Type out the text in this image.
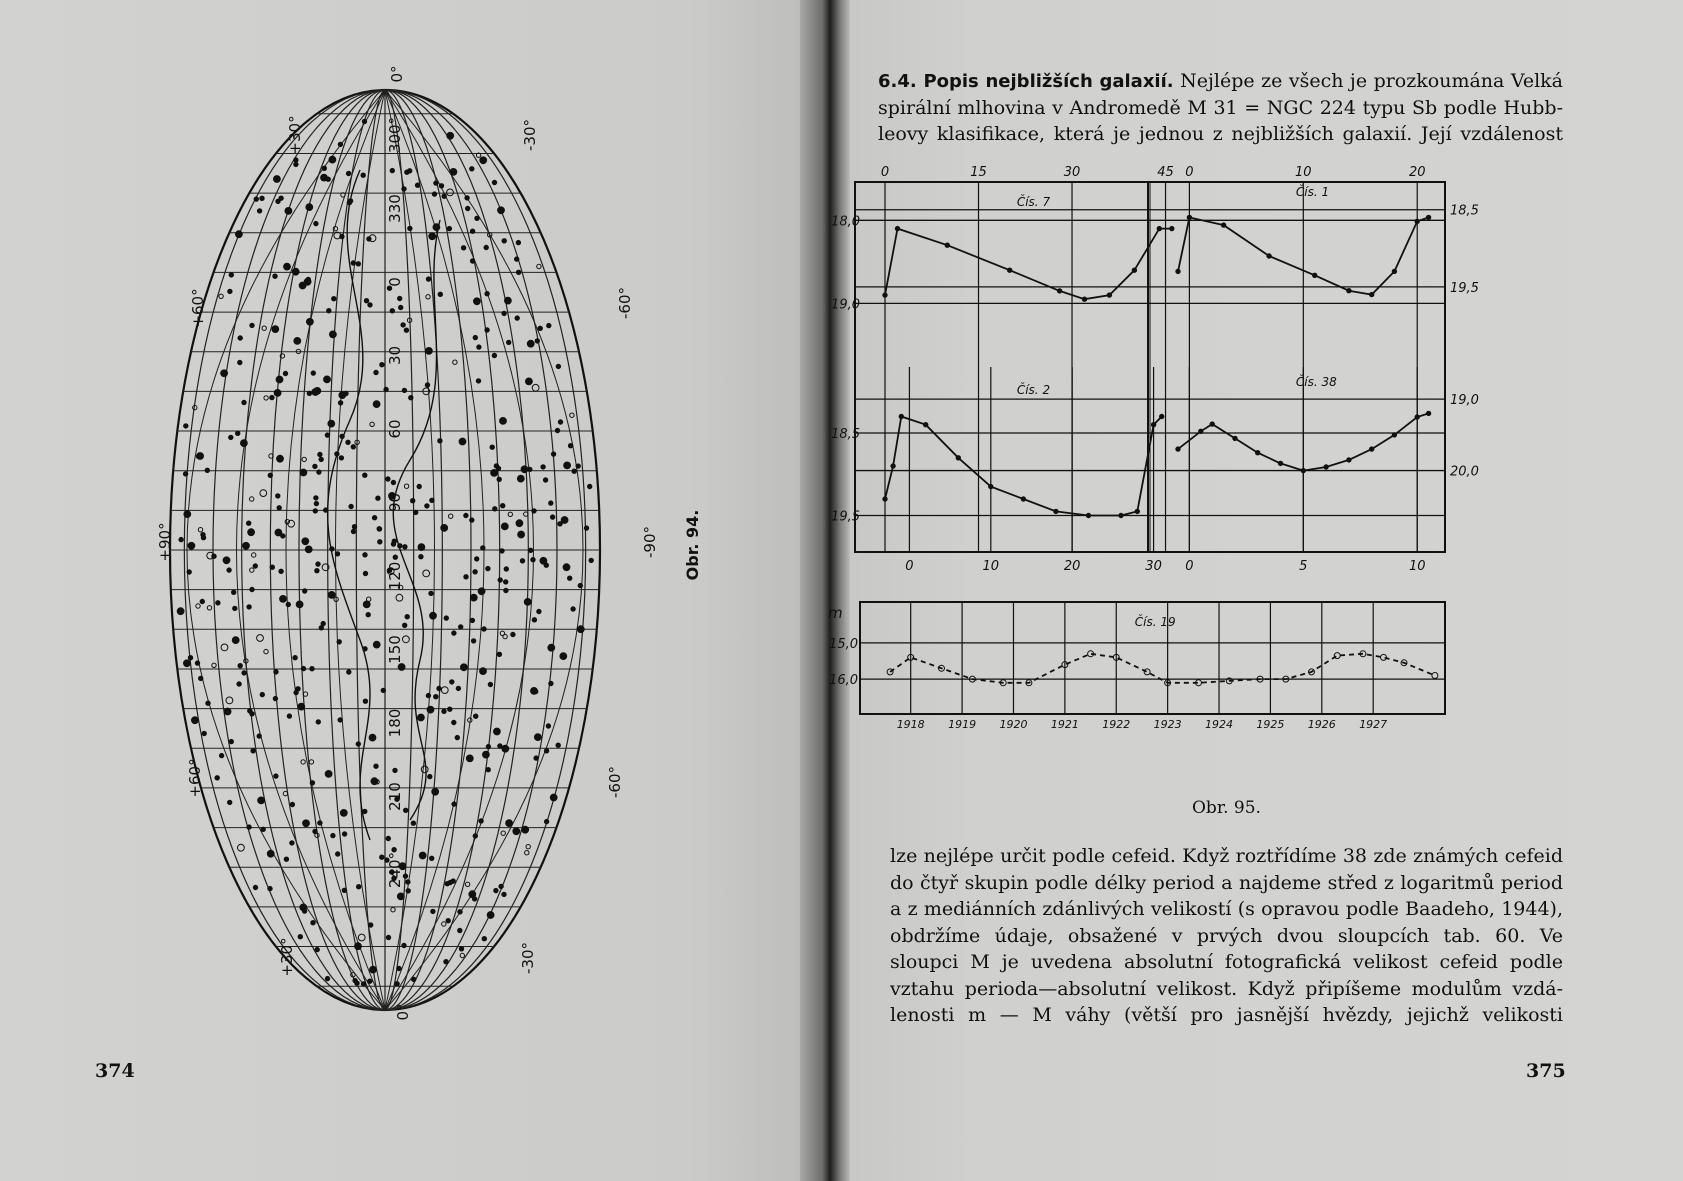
0°
0°
+90°	-90°
+30°
+60°
+60°
+30°
-30°
-60°
-60°
-30°
300°
330
0
30
60
90
120
150
180
210
240°
Obr. 94.
374
6.4. Popis nejbližších galaxií. Nejlépe ze všech je prozkoumána Velká
spirální mlhovina v Andromedě M 31 = NGC 224 typu Sb podle Hubb-
leovy klasifikace, která je jednou z nejbližších galaxií. Její vzdálenost
18,0
19,0
0	15	30	45
Čís. 7
18,5
19,5
0	10	20
Čís. 1
18,5
19,5
0	10	20	30
Čís. 2
19,0
20,0
0	5	10
Čís. 38
15,0
16,0
1918 1919 1920 1921 1922 1923 1924 1925 1926 1927
Čís. 19
m
Obr. 95.
lze nejlépe určit podle cefeid. Když roztřídíme 38 zde známých cefeid
do čtyř skupin podle délky period a najdeme střed z logaritmů period
a z mediánních zdánlivých velikostí (s opravou podle Baadeho, 1944),
obdržíme údaje, obsažené v prvých dvou sloupcích tab. 60. Ve
sloupci M je uvedena absolutní fotografická velikost cefeid podle
vztahu perioda—absolutní velikost. Když připíšeme modulům vzdá-
lenosti m — M váhy (větší pro jasnější hvězdy, jejichž velikosti
375
